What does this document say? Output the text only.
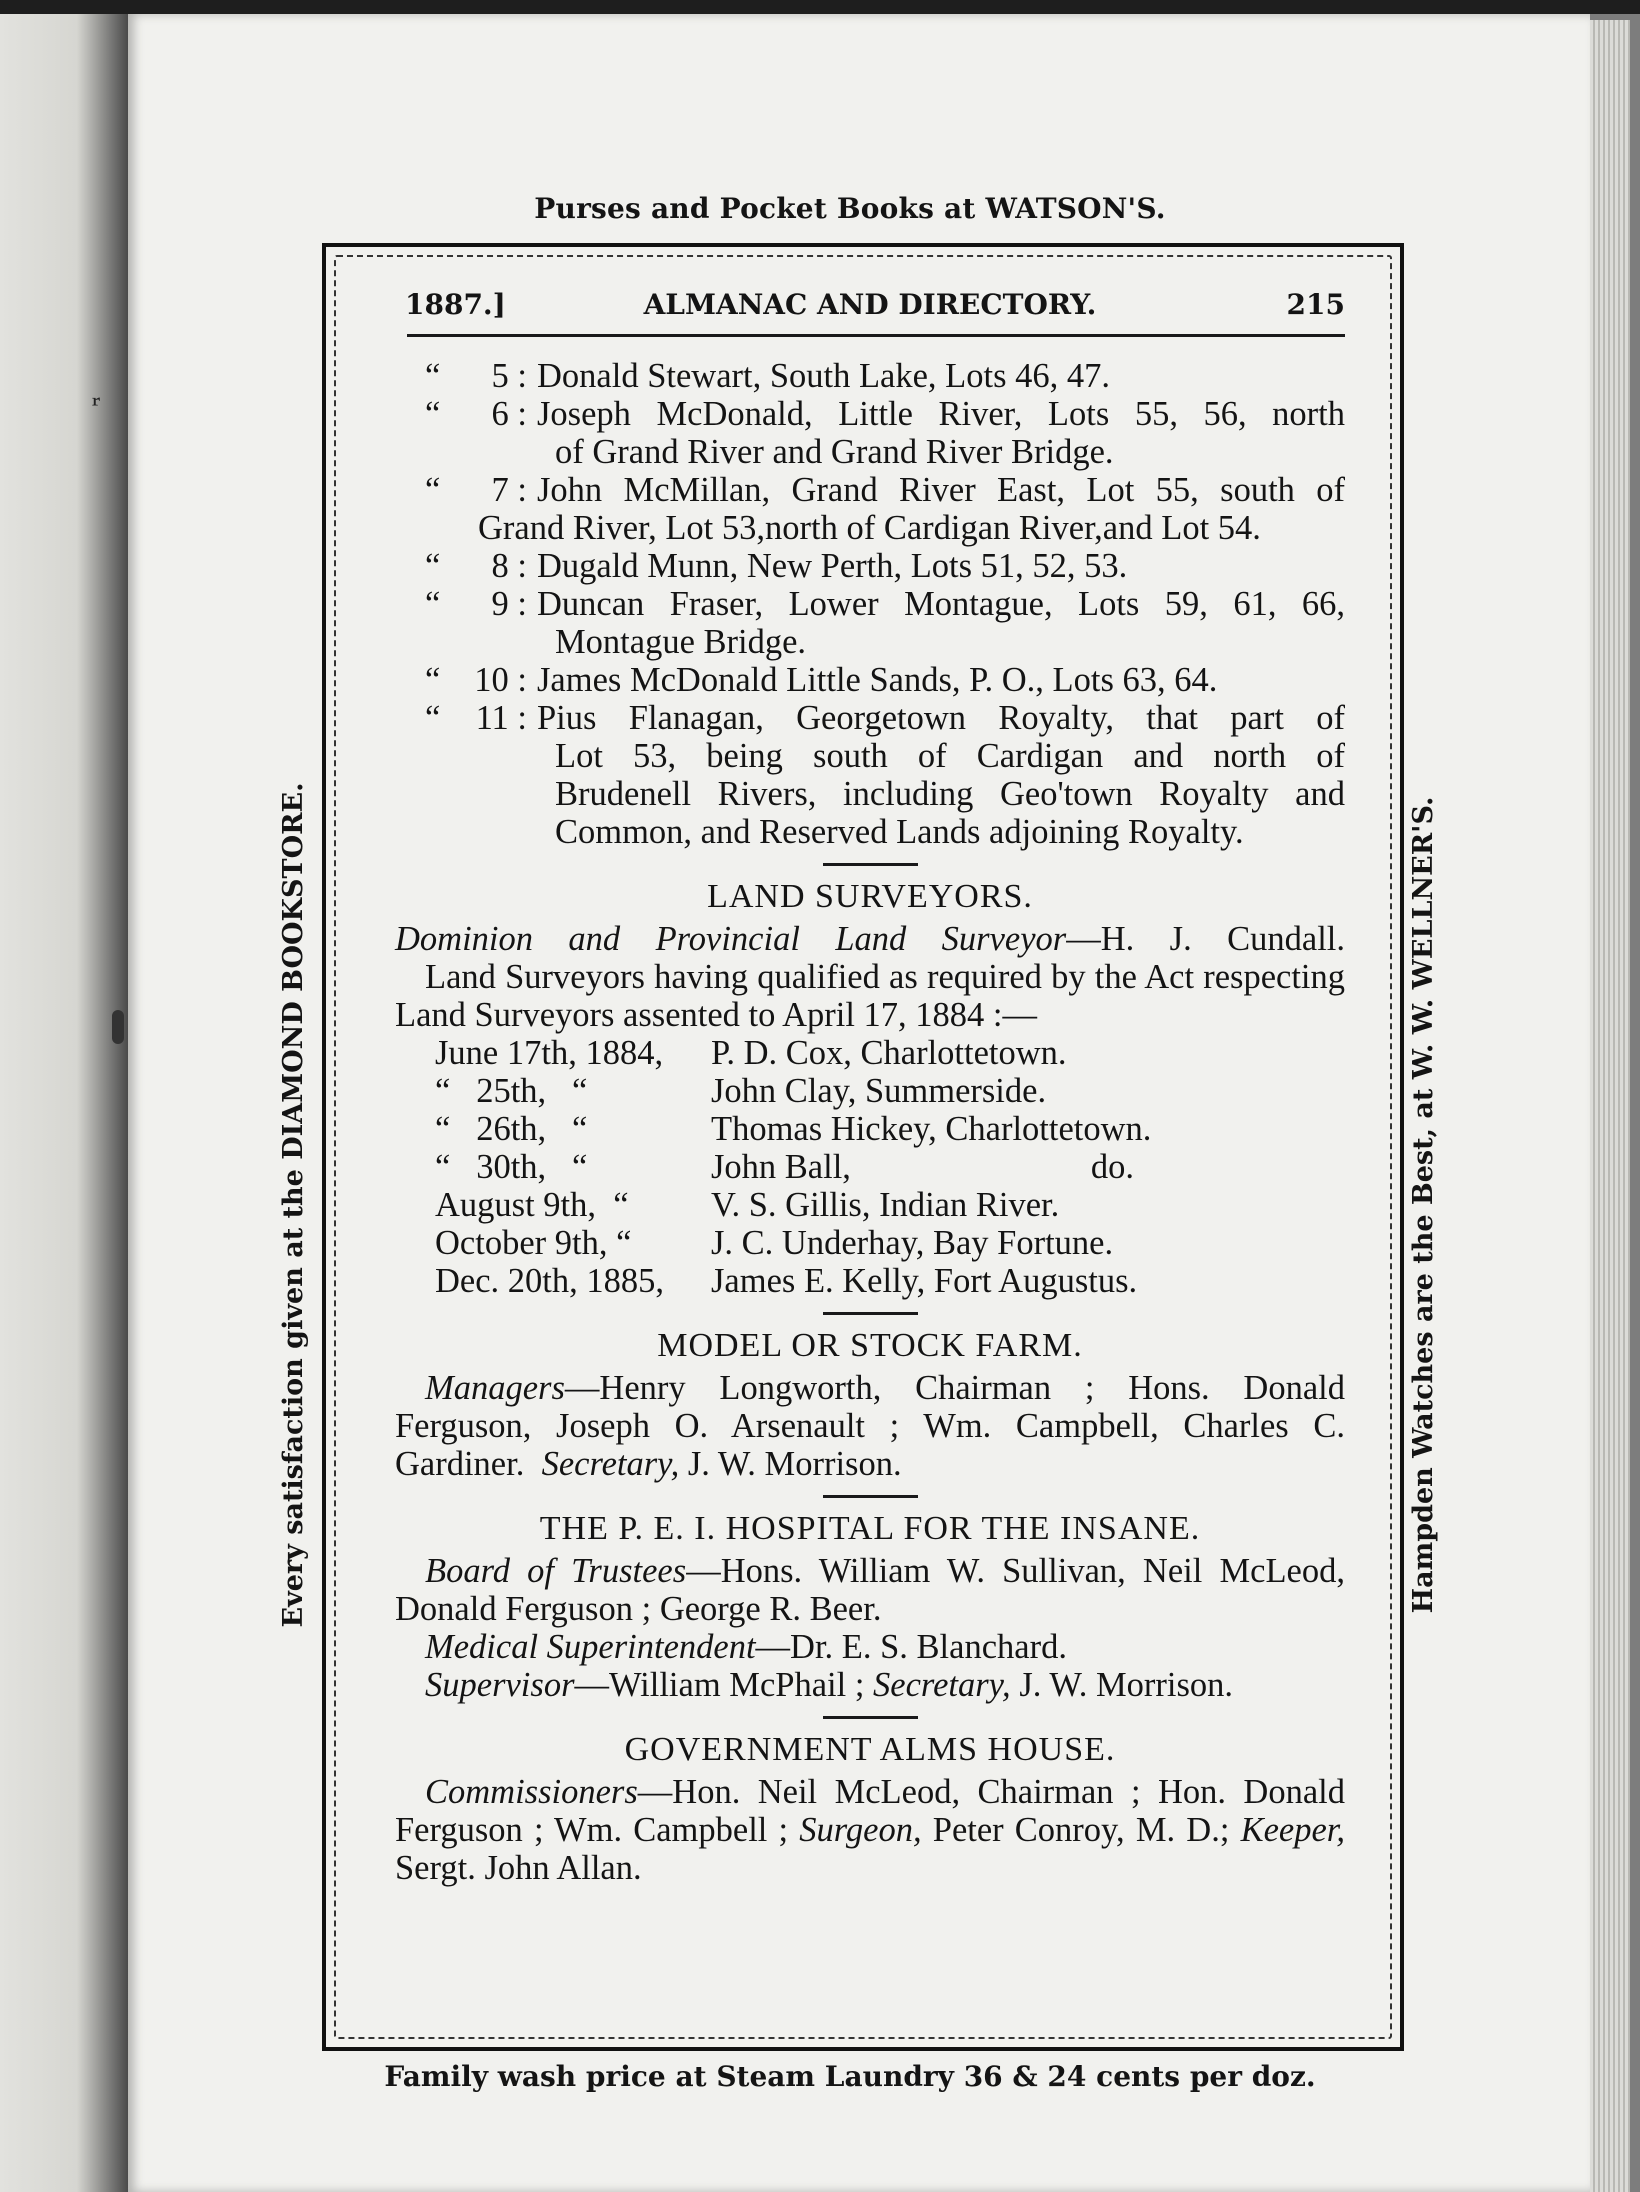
Purses and Pocket Books at WATSON'S.
Every satisfaction given at the DIAMOND BOOKSTORE.	Hampden Watches are the Best, at W. W. WELLNER'S.
Family wash price at Steam Laundry 36 & 24 cents per doz.
1887.]	ALMANAC AND DIRECTORY.	215
“	5 : Donald Stewart, South Lake, Lots 46, 47.
“	6 : Joseph McDonald, Little River, Lots 55, 56, north
of Grand River and Grand River Bridge.
“	7 : John McMillan, Grand River East, Lot 55, south of
Grand River, Lot 53,north of Cardigan River,and Lot 54.
“	8 : Dugald Munn, New Perth, Lots 51, 52, 53.
“	9 : Duncan Fraser, Lower Montague, Lots 59, 61, 66,
Montague Bridge.
“ 10 : James McDonald Little Sands, P. O., Lots 63, 64.
“	11 : Pius Flanagan, Georgetown Royalty, that part of
Lot 53, being south of Cardigan and north of
Brudenell Rivers, including Geo'town Royalty and
Common, and Reserved Lands adjoining Royalty.
LAND SURVEYORS.
Dominion and Provincial Land Surveyor—H. J. Cundall.
Land Surveyors having qualified as required by the Act respecting Land Surveyors assented to April 17, 1884 :—
June 17th, 1884,	P. D. Cox, Charlottetown.
“   25th,   “	John Clay, Summerside.
“   26th,   “	Thomas Hickey, Charlottetown.
“   30th,   “	John Ball, do.
August 9th,  “	V. S. Gillis, Indian River.
October 9th, “	J. C. Underhay, Bay Fortune.
Dec. 20th, 1885,	James E. Kelly, Fort Augustus.
MODEL OR STOCK FARM.
Managers—Henry Longworth, Chairman ; Hons. Donald Ferguson, Joseph O. Arsenault ; Wm. Campbell, Charles C. Gardiner. Secretary, J. W. Morrison.
THE P. E. I. HOSPITAL FOR THE INSANE.
Board of Trustees—Hons. William W. Sullivan, Neil McLeod, Donald Ferguson ; George R. Beer.
Medical Superintendent—Dr. E. S. Blanchard.
Supervisor—William McPhail ; Secretary, J. W. Morrison.
GOVERNMENT ALMS HOUSE.
Commissioners—Hon. Neil McLeod, Chairman ; Hon. Donald Ferguson ; Wm. Campbell ; Surgeon, Peter Conroy, M. D.; Keeper, Sergt. John Allan.
